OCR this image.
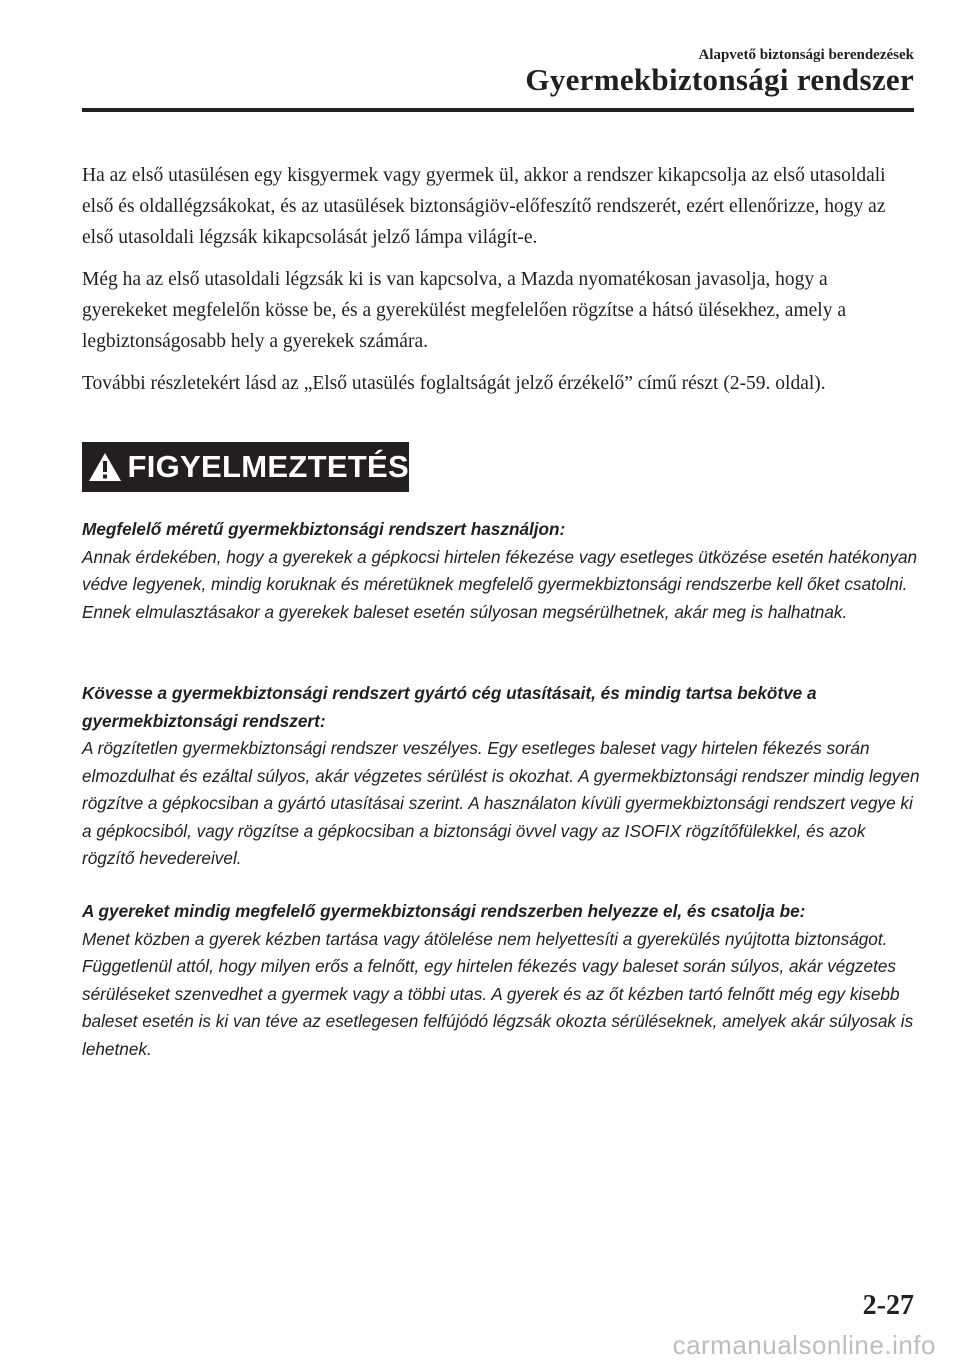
Alapvető biztonsági berendezések
Gyermekbiztonsági rendszer

Ha az első utasülésen egy kisgyermek vagy gyermek ül, akkor a rendszer kikapcsolja az első utasoldali első és oldallégzsákokat, és az utasülések biztonságiöv-előfeszítő rendszerét, ezért ellenőrizze, hogy az első utasoldali légzsák kikapcsolását jelző lámpa világít-e.

Még ha az első utasoldali légzsák ki is van kapcsolva, a Mazda nyomatékosan javasolja, hogy a gyerekeket megfelelőn kösse be, és a gyerekülést megfelelően rögzítse a hátsó ülésekhez, amely a legbiztonságosabb hely a gyerekek számára.

További részletekért lásd az „Első utasülés foglaltságát jelző érzékelő” című részt (2-59. oldal).

FIGYELMEZTETÉS
Megfelelő méretű gyermekbiztonsági rendszert használjon:
Annak érdekében, hogy a gyerekek a gépkocsi hirtelen fékezése vagy esetleges ütközése esetén hatékonyan védve legyenek, mindig koruknak és méretüknek megfelelő gyermekbiztonsági rendszerbe kell őket csatolni. Ennek elmulasztásakor a gyerekek baleset esetén súlyosan megsérülhetnek, akár meg is halhatnak.
Kövesse a gyermekbiztonsági rendszert gyártó cég utasításait, és mindig tartsa bekötve a gyermekbiztonsági rendszert:
A rögzítetlen gyermekbiztonsági rendszer veszélyes. Egy esetleges baleset vagy hirtelen fékezés során elmozdulhat és ezáltal súlyos, akár végzetes sérülést is okozhat. A gyermekbiztonsági rendszer mindig legyen rögzítve a gépkocsiban a gyártó utasításai szerint. A használaton kívüli gyermekbiztonsági rendszert vegye ki a gépkocsiból, vagy rögzítse a gépkocsiban a biztonsági övvel vagy az ISOFIX rögzítőfülekkel, és azok rögzítő hevedereivel.
A gyereket mindig megfelelő gyermekbiztonsági rendszerben helyezze el, és csatolja be:
Menet közben a gyerek kézben tartása vagy átölelése nem helyettesíti a gyerekülés nyújtotta biztonságot. Függetlenül attól, hogy milyen erős a felnőtt, egy hirtelen fékezés vagy baleset során súlyos, akár végzetes sérüléseket szenvedhet a gyermek vagy a többi utas. A gyerek és az őt kézben tartó felnőtt még egy kisebb baleset esetén is ki van téve az esetlegesen felfújódó légzsák okozta sérüléseknek, amelyek akár súlyosak is lehetnek.
2-27
carmanualsonline.info
